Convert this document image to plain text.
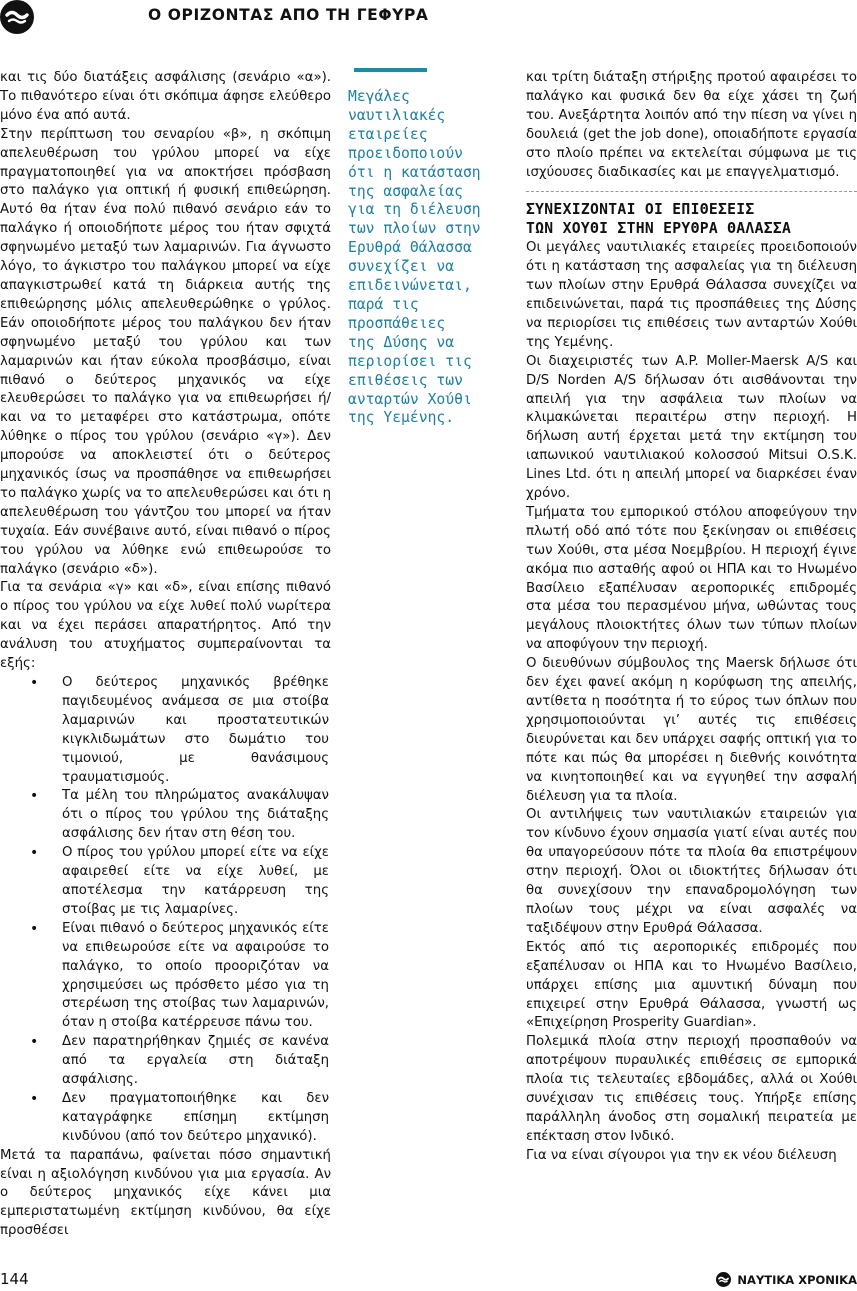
Ο ΟΡΙΖΟΝΤΑΣ ΑΠΟ ΤΗ ΓΕΦΥΡΑ

και τις δύο διατάξεις ασφάλισης (σενάριο «α»). Το πιθανότερο είναι ότι σκόπιμα άφησε ελεύθερο μόνο ένα από αυτά.

Στην περίπτωση του σεναρίου «β», η σκόπιμη απελευθέρωση του γρύλου μπορεί να είχε πραγματοποιηθεί για να αποκτήσει πρόσβαση στο παλάγκο για οπτική ή φυσική επιθεώρηση. Αυτό θα ήταν ένα πολύ πιθανό σενάριο εάν το παλάγκο ή οποιοδήποτε μέρος του ήταν σφιχτά σφηνωμένο μεταξύ των λαμαρινών. Για άγνωστο λόγο, το άγκιστρο του παλάγκου μπορεί να είχε απαγκιστρωθεί κατά τη διάρκεια αυτής της επιθεώρησης μόλις απελευθερώθηκε ο γρύλος. Εάν οποιοδήποτε μέρος του παλάγκου δεν ήταν σφηνωμένο μεταξύ του γρύλου και των λαμαρινών και ήταν εύκολα προσβάσιμο, είναι πιθανό ο δεύτερος μηχανικός να είχε ελευθερώσει το παλάγκο για να επιθεωρήσει ή/και να το μεταφέρει στο κατάστρωμα, οπότε λύθηκε ο πίρος του γρύλου (σενάριο «γ»). Δεν μπορούσε να αποκλειστεί ότι ο δεύτερος μηχανικός ίσως να προσπάθησε να επιθεωρήσει το παλάγκο χωρίς να το απελευθερώσει και ότι η απελευθέρωση του γάντζου του μπορεί να ήταν τυχαία. Εάν συνέβαινε αυτό, είναι πιθανό ο πίρος του γρύλου να λύθηκε ενώ επιθεωρούσε το παλάγκο (σενάριο «δ»).

Για τα σενάρια «γ» και «δ», είναι επίσης πιθανό ο πίρος του γρύλου να είχε λυθεί πολύ νωρίτερα και να έχει περάσει απαρατήρητος. Από την ανάλυση του ατυχήματος συμπεραίνονται τα εξής:

• Ο δεύτερος μηχανικός βρέθηκε παγιδευμένος ανάμεσα σε μια στοίβα λαμαρινών και προστατευτικών κιγκλιδωμάτων στο δωμάτιο του τιμονιού, με θανάσιμους τραυματισμούς.
• Τα μέλη του πληρώματος ανακάλυψαν ότι ο πίρος του γρύλου της διάταξης ασφάλισης δεν ήταν στη θέση του.
• Ο πίρος του γρύλου μπορεί είτε να είχε αφαιρεθεί είτε να είχε λυθεί, με αποτέλεσμα την κατάρρευση της στοίβας με τις λαμαρίνες.
• Είναι πιθανό ο δεύτερος μηχανικός είτε να επιθεωρούσε είτε να αφαιρούσε το παλάγκο, το οποίο προοριζόταν να χρησιμεύσει ως πρόσθετο μέσο για τη στερέωση της στοίβας των λαμαρινών, όταν η στοίβα κατέρρευσε πάνω του.
• Δεν παρατηρήθηκαν ζημιές σε κανένα από τα εργαλεία στη διάταξη ασφάλισης.
• Δεν πραγματοποιήθηκε και δεν καταγράφηκε επίσημη εκτίμηση κινδύνου (από τον δεύτερο μηχανικό).

Μετά τα παραπάνω, φαίνεται πόσο σημαντική είναι η αξιολόγηση κινδύνου για μια εργασία. Αν ο δεύτερος μηχανικός είχε κάνει μια εμπεριστατωμένη εκτίμηση κινδύνου, θα είχε προσθέσει

Μεγάλες
ναυτιλιακές
εταιρείες
προειδοποιούν
ότι η κατάσταση
της ασφαλείας
για τη διέλευση
των πλοίων στην
Ερυθρά Θάλασσα
συνεχίζει να
επιδεινώνεται,
παρά τις
προσπάθειες
της Δύσης να
περιορίσει τις
επιθέσεις των
ανταρτών Χούθι
της Υεμένης.

και τρίτη διάταξη στήριξης προτού αφαιρέσει το παλάγκο και φυσικά δεν θα είχε χάσει τη ζωή του. Ανεξάρτητα λοιπόν από την πίεση να γίνει η δουλειά (get the job done), οποιαδήποτε εργασία στο πλοίο πρέπει να εκτελείται σύμφωνα με τις ισχύουσες διαδικασίες και με επαγγελματισμό.

ΣΥΝΕΧΙΖΟΝΤΑΙ ΟΙ ΕΠΙΘΕΣΕΙΣ
ΤΩΝ ΧΟΥΘΙ ΣΤΗΝ ΕΡΥΘΡΑ ΘΑΛΑΣΣΑ

Οι μεγάλες ναυτιλιακές εταιρείες προειδοποιούν ότι η κατάσταση της ασφαλείας για τη διέλευση των πλοίων στην Ερυθρά Θάλασσα συνεχίζει να επιδεινώνεται, παρά τις προσπάθειες της Δύσης να περιορίσει τις επιθέσεις των ανταρτών Χούθι της Υεμένης.

Οι διαχειριστές των A.P. Moller-Maersk A/S και D/S Norden A/S δήλωσαν ότι αισθάνονται την απειλή για την ασφάλεια των πλοίων να κλιμακώνεται περαιτέρω στην περιοχή. Η δήλωση αυτή έρχεται μετά την εκτίμηση του ιαπωνικού ναυτιλιακού κολοσσού Mitsui O.S.K. Lines Ltd. ότι η απειλή μπορεί να διαρκέσει έναν χρόνο.

Τμήματα του εμπορικού στόλου αποφεύγουν την πλωτή οδό από τότε που ξεκίνησαν οι επιθέσεις των Χούθι, στα μέσα Νοεμβρίου. Η περιοχή έγινε ακόμα πιο ασταθής αφού οι ΗΠΑ και το Ηνωμένο Βασίλειο εξαπέλυσαν αεροπορικές επιδρομές στα μέσα του περασμένου μήνα, ωθώντας τους μεγάλους πλοιοκτήτες όλων των τύπων πλοίων να αποφύγουν την περιοχή.

Ο διευθύνων σύμβουλος της Maersk δήλωσε ότι δεν έχει φανεί ακόμη η κορύφωση της απειλής, αντίθετα η ποσότητα ή το εύρος των όπλων που χρησιμοποιούνται γι’ αυτές τις επιθέσεις διευρύνεται και δεν υπάρχει σαφής οπτική για το πότε και πώς θα μπορέσει η διεθνής κοινότητα να κινητοποιηθεί και να εγγυηθεί την ασφαλή διέλευση για τα πλοία.

Οι αντιλήψεις των ναυτιλιακών εταιρειών για τον κίνδυνο έχουν σημασία γιατί είναι αυτές που θα υπαγορεύσουν πότε τα πλοία θα επιστρέψουν στην περιοχή. Όλοι οι ιδιοκτήτες δήλωσαν ότι θα συνεχίσουν την επαναδρομολόγηση των πλοίων τους μέχρι να είναι ασφαλές να ταξιδέψουν στην Ερυθρά Θάλασσα.

Εκτός από τις αεροπορικές επιδρομές που εξαπέλυσαν οι ΗΠΑ και το Ηνωμένο Βασίλειο, υπάρχει επίσης μια αμυντική δύναμη που επιχειρεί στην Ερυθρά Θάλασσα, γνωστή ως «Επιχείρηση Prosperity Guardian».

Πολεμικά πλοία στην περιοχή προσπαθούν να αποτρέψουν πυραυλικές επιθέσεις σε εμπορικά πλοία τις τελευταίες εβδομάδες, αλλά οι Χούθι συνέχισαν τις επιθέσεις τους. Υπήρξε επίσης παράλληλη άνοδος στη σομαλική πειρατεία με επέκταση στον Ινδικό.

Για να είναι σίγουροι για την εκ νέου διέλευση

144	ΝΑΥΤΙΚΑ ΧΡΟΝΙΚΑ
